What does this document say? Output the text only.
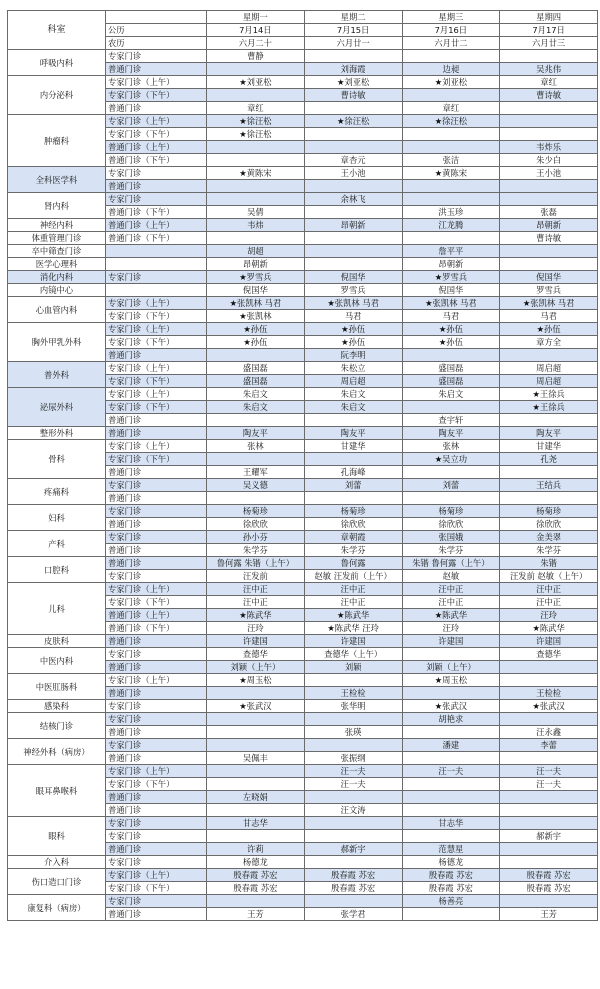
科室		星期一	星期二	星期三	星期四
	公历	7月14日	7月15日	7月16日	7月17日
	农历	六月二十	六月廿一	六月廿二	六月廿三
呼吸内科	专家门诊	曹静			
	普通门诊		刘海霞	边昶	吴兆伟
内分泌科	专家门诊（上午）	★刘亚松	★刘亚松	★刘亚松	章红
	专家门诊（下午）		曹诗敏		曹诗敏
	普通门诊	章红		章红	
肿瘤科	专家门诊（上午）	★徐汪松	★徐汪松	★徐汪松	
	专家门诊（下午）	★徐汪松			
	普通门诊（上午）				韦炸乐
	普通门诊（下午）		章杏元	张洁	朱少白
全科医学科	专家门诊	★黄陈宋	王小池	★黄陈宋	王小池
	普通门诊				
肾内科	专家门诊		余林飞		
	普通门诊（下午）	吴倩		洪玉珍	张磊
神经内科	普通门诊（上午）	韦炜	昂朝新	江龙腾	昂朝新
体重管理门诊	普通门诊（下午）				曹诗敏
卒中筛查门诊		胡超		詹平平	
医学心理科		昂朝新		昂朝新	
消化内科	专家门诊	★罗雪兵	倪国华	★罗雪兵	倪国华
内镜中心		倪国华	罗雪兵	倪国华	罗雪兵
心血管内科	专家门诊（上午）	★张凯林 马君	★张凯林 马君	★张凯林 马君	★张凯林 马君
	专家门诊（下午）	★张凯林	马君	马君	马君
胸外甲乳外科	专家门诊（上午）	★孙伍	★孙伍	★孙伍	★孙伍
	专家门诊（下午）	★孙伍	★孙伍	★孙伍	章方全
	普通门诊		阮李明		
普外科	专家门诊（上午）	盛国磊	朱松立	盛国磊	周启超
	专家门诊（下午）	盛国磊	周启超	盛国磊	周启超
泌尿外科	专家门诊（上午）	朱启文	朱启文	朱启文	★王徐兵
	专家门诊（下午）	朱启文	朱启文		★王徐兵
	普通门诊			查宇轩	
整形外科	普通门诊	陶友平	陶友平	陶友平	陶友平
骨科	专家门诊（上午）	张林	甘建华	张林	甘建华
	专家门诊（下午）			★吴立功	孔尧
	普通门诊	王耀军	孔海峰		
疼痛科	专家门诊	吴义德	刘蕾	刘蕾	王结兵
	普通门诊				
妇科	专家门诊	杨菊珍	杨菊珍	杨菊珍	杨菊珍
	普通门诊	徐欣欣	徐欣欣	徐欣欣	徐欣欣
产科	专家门诊	孙小芬	章朝霞	张国娥	金美翠
	普通门诊	朱学芬	朱学芬	朱学芬	朱学芬
口腔科	普通门诊	鲁何露 朱锴（上午）	鲁何露	朱锴 鲁何露（上午）	朱锴
	专家门诊	汪发前	赵敏 汪发前（上午）	赵敏	汪发前 赵敏（上午）
儿科	专家门诊（上午）	汪中正	汪中正	汪中正	汪中正
	专家门诊（下午）	汪中正	汪中正	汪中正	汪中正
	普通门诊（上午）	★陈武华	★陈武华	★陈武华	汪玲
	普通门诊（下午）	汪玲	★陈武华 汪玲	汪玲	★陈武华
皮肤科	普通门诊	许建国	许建国	许建国	许建国
中医内科	专家门诊	查德华	查德华（上午）		查德华
	普通门诊	刘颖（上午）	刘颖	刘颖（上午）	
中医肛肠科	专家门诊（上午）	★周玉松		★周玉松	
	普通门诊		王检检		王检检
感染科	专家门诊	★张武汉	张华明	★张武汉	★张武汉
结核门诊	专家门诊			胡艳求	
	普通门诊		张瑛		汪永鑫
神经外科（病房）	专家门诊			潘建	李蕾
	普通门诊	吴佩丰	张振纲		
眼耳鼻喉科	专家门诊（上午）		汪一夫	汪一夫	汪一夫
	专家门诊（下午）		汪一夫		汪一夫
	普通门诊	左晓娟			
	普通门诊		汪文涛		
眼科	专家门诊	甘志华		甘志华	
	专家门诊				郝新宇
	普通门诊	许莉	郝新宇	范慧星	
介入科	专家门诊	杨德龙		杨德龙	
伤口造口门诊	专家门诊（上午）	殷春霞 苏宏	殷春霞 苏宏	殷春霞 苏宏	殷春霞 苏宏
	专家门诊（下午）	殷春霞 苏宏	殷春霞 苏宏	殷春霞 苏宏	殷春霞 苏宏
康复科（病房）	专家门诊			杨善亮	
	普通门诊	王芳	张学君		王芳
